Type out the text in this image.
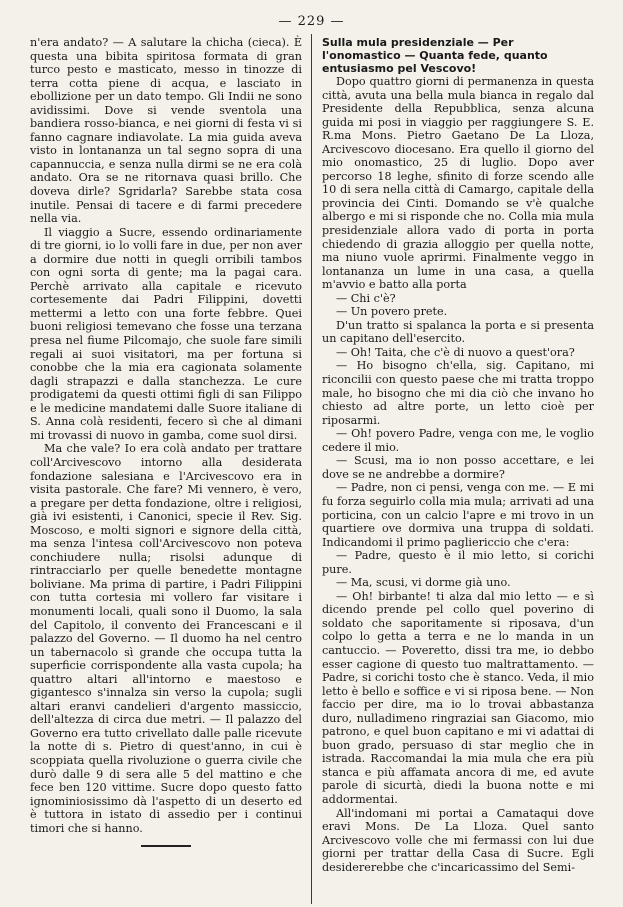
— 229 —

n'era andato? — A salutare la chicha (cieca). È questa una bibita spiritosa formata di gran turco pesto e masticato, messo in tinozze di terra cotta piene di acqua, e lasciato in ebollizione per un dato tempo. Gli Indii ne sono avidissimi. Dove si vende sventola una bandiera rosso-bianca, e nei giorni di festa vi si fanno cagnare indiavolate. La mia guida aveva visto in lontananza un tal segno sopra di una capannuccia, e senza nulla dirmi se ne era colà andato. Ora se ne ritornava quasi brillo. Che doveva dirle? Sgridarla? Sarebbe stata cosa inutile. Pensai di tacere e di farmi precedere nella via.

Il viaggio a Sucre, essendo ordinariamente di tre giorni, io lo volli fare in due, per non aver a dormire due notti in quegli orribili tambos con ogni sorta di gente; ma la pagai cara. Perchè arrivato alla capitale e ricevuto cortesemente dai Padri Filippini, dovetti mettermi a letto con una forte febbre. Quei buoni religiosi temevano che fosse una terzana presa nel fiume Pilcomajo, che suole fare simili regali ai suoi visitatori, ma per fortuna si conobbe che la mia era cagionata solamente dagli strapazzi e dalla stanchezza. Le cure prodigatemi da questi ottimi figli di san Filippo e le medicine mandatemi dalle Suore italiane di S. Anna colà residenti, fecero sì che al dimani mi trovassi di nuovo in gamba, come suol dirsi.

Ma che vale? Io era colà andato per trattare coll'Arcivescovo intorno alla desiderata fondazione salesiana e l'Arcivescovo era in visita pastorale. Che fare? Mi vennero, è vero, a pregare per detta fondazione, oltre i religiosi, già ivi esistenti, i Canonici, specie il Rev. Sig. Moscoso, e molti signori e signore della città, ma senza l'intesa coll'Arcivescovo non poteva conchiudere nulla; risolsi adunque di rintracciarlo per quelle benedette montagne boliviane. Ma prima di partire, i Padri Filippini con tutta cortesia mi vollero far visitare i monumenti locali, quali sono il Duomo, la sala del Capitolo, il convento dei Francescani e il palazzo del Governo. — Il duomo ha nel centro un tabernacolo sì grande che occupa tutta la superficie corrispondente alla vasta cupola; ha quattro altari all'intorno e maestoso e gigantesco s'innalza sin verso la cupola; sugli altari eranvi candelieri d'argento massiccio, dell'altezza di circa due metri. — Il palazzo del Governo era tutto crivellato dalle palle ricevute la notte di s. Pietro di quest'anno, in cui è scoppiata quella rivoluzione o guerra civile che durò dalle 9 di sera alle 5 del mattino e che fece ben 120 vittime. Sucre dopo questo fatto ignominiosissimo dà l'aspetto di un deserto ed è tuttora in istato di assedio per i continui timori che si hanno.

Sulla mula presidenziale — Per l'onomastico — Quanta fede, quanto entusiasmo pel Vescovo!

Dopo quattro giorni di permanenza in questa città, avuta una bella mula bianca in regalo dal Presidente della Repubblica, senza alcuna guida mi posi in viaggio per raggiungere S. E. R.ma Mons. Pietro Gaetano De La Lloza, Arcivescovo diocesano. Era quello il giorno del mio onomastico, 25 di luglio. Dopo aver percorso 18 leghe, sfinito di forze scendo alle 10 di sera nella città di Camargo, capitale della provincia dei Cinti. Domando se v'è qualche albergo e mi si risponde che no. Colla mia mula presidenziale allora vado di porta in porta chiedendo di grazia alloggio per quella notte, ma niuno vuole aprirmi. Finalmente veggo in lontananza un lume in una casa, a quella m'avvio e batto alla porta

— Chi c'è?

— Un povero prete.

D'un tratto si spalanca la porta e si presenta un capitano dell'esercito.

— Oh! Taita, che c'è di nuovo a quest'ora?

— Ho bisogno ch'ella, sig. Capitano, mi riconcilii con questo paese che mi tratta troppo male, ho bisogno che mi dia ciò che invano ho chiesto ad altre porte, un letto cioè per riposarmi.

— Oh! povero Padre, venga con me, le voglio cedere il mio.

— Scusi, ma io non posso accettare, e lei dove se ne andrebbe a dormire?

— Padre, non ci pensi, venga con me. — E mi fu forza seguirlo colla mia mula; arrivati ad una porticina, con un calcio l'apre e mi trovo in un quartiere ove dormiva una truppa di soldati. Indicandomi il primo pagliericcio che c'era:

— Padre, questo è il mio letto, si corichi pure.

— Ma, scusi, vi dorme già uno.

— Oh! birbante! ti alza dal mio letto — e sì dicendo prende pel collo quel poverino di soldato che saporitamente si riposava, d'un colpo lo getta a terra e ne lo manda in un cantuccio. — Poveretto, dissi tra me, io debbo esser cagione di questo tuo maltrattamento. — Padre, si corichi tosto che è stanco. Veda, il mio letto è bello e soffice e vi si riposa bene. — Non faccio per dire, ma io lo trovai abbastanza duro, nulladimeno ringraziai san Giacomo, mio patrono, e quel buon capitano e mi vi adattai di buon grado, persuaso di star meglio che in istrada. Raccomandai la mia mula che era più stanca e più affamata ancora di me, ed avute parole di sicurtà, diedi la buona notte e mi addormentai.

All'indomani mi portai a Camataqui dove eravi Mons. De La Lloza. Quel santo Arcivescovo volle che mi fermassi con lui due giorni per trattar della Casa di Sucre. Egli desidererebbe che c'incaricassimo del Semi-
